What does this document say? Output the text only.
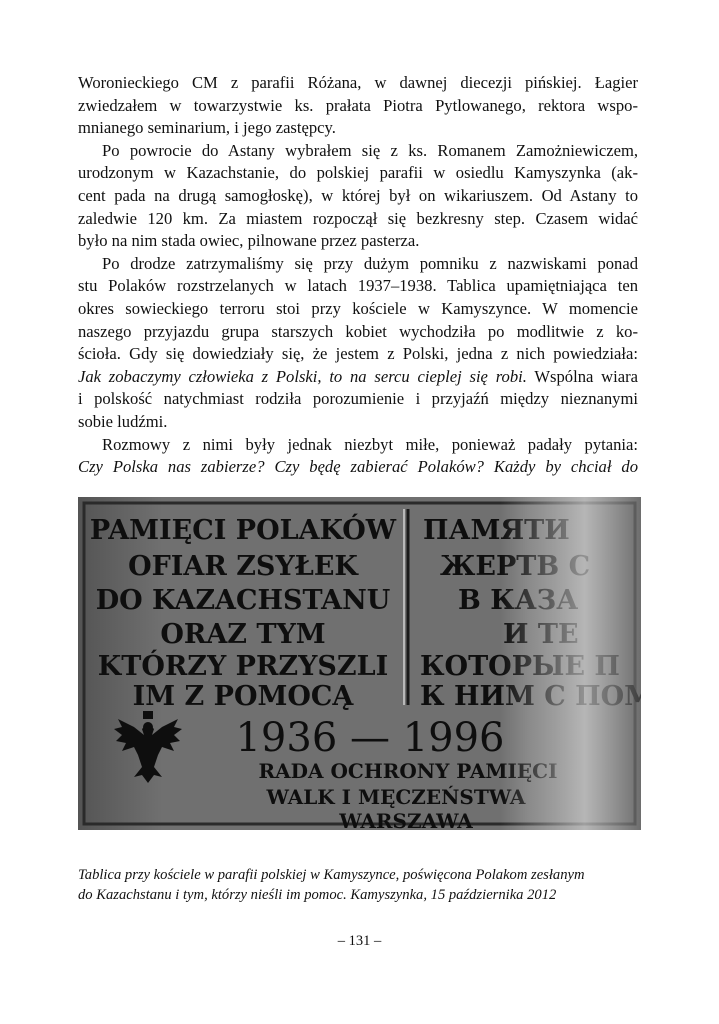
Woronieckiego CM z parafii Różana, w dawnej diecezji pińskiej. Łagier
zwiedzałem w towarzystwie ks. prałata Piotra Pytlowanego, rektora wspo-
mnianego seminarium, i jego zastępcy.

Po powrocie do Astany wybrałem się z ks. Romanem Zamożniewiczem,
urodzonym w Kazachstanie, do polskiej parafii w osiedlu Kamyszynka (ak-
cent pada na drugą samogłoskę), w której był on wikariuszem. Od Astany to
zaledwie 120 km. Za miastem rozpoczął się bezkresny step. Czasem widać
było na nim stada owiec, pilnowane przez pasterza.

Po drodze zatrzymaliśmy się przy dużym pomniku z nazwiskami ponad
stu Polaków rozstrzelanych w latach 1937–1938. Tablica upamiętniająca ten
okres sowieckiego terroru stoi przy kościele w Kamyszynce. W momencie
naszego przyjazdu grupa starszych kobiet wychodziła po modlitwie z ko-
ścioła. Gdy się dowiedziały się, że jestem z Polski, jedna z nich powiedziała:
Jak zobaczymy człowieka z Polski, to na sercu cieplej się robi. Wspólna wiara
i polskość natychmiast rodziła porozumienie i przyjaźń między nieznanymi
sobie ludźmi.

Rozmowy z nimi były jednak niezbyt miłe, ponieważ padały pytania:
Czy Polska nas zabierze? Czy będę zabierać Polaków? Każdy by chciał do

Tablica przy kościele w parafii polskiej w Kamyszynce, poświęcona Polakom zesłanym
do Kazachstanu i tym, którzy nieśli im pomoc. Kamyszynka, 15 października 2012
– 131 –
